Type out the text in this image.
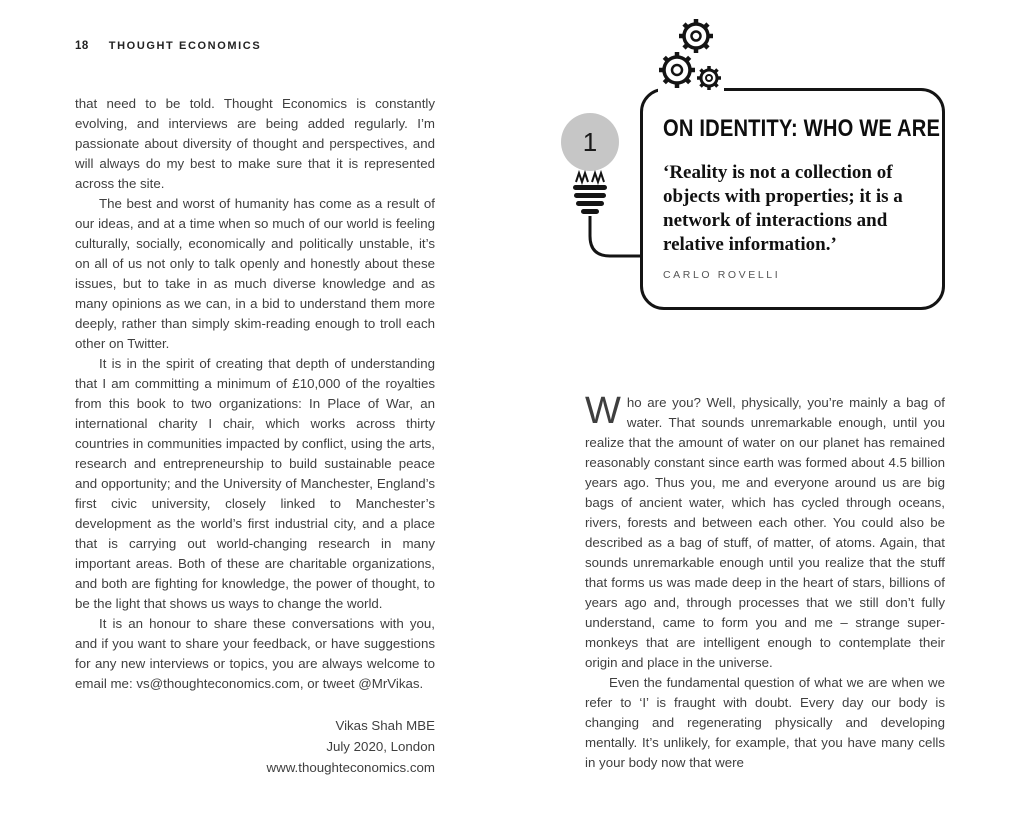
18 THOUGHT ECONOMICS

that need to be told. Thought Economics is constantly evolving, and interviews are being added regularly. I’m passionate about diversity of thought and perspectives, and will always do my best to make sure that it is represented across the site.

The best and worst of humanity has come as a result of our ideas, and at a time when so much of our world is feeling culturally, socially, economically and politically unstable, it’s on all of us not only to talk openly and honestly about these issues, but to take in as much diverse knowledge and as many opinions as we can, in a bid to understand them more deeply, rather than simply skim-reading enough to troll each other on Twitter.

It is in the spirit of creating that depth of understanding that I am committing a minimum of £10,000 of the royalties from this book to two organizations: In Place of War, an international charity I chair, which works across thirty countries in communities impacted by conflict, using the arts, research and entrepreneurship to build sustainable peace and opportunity; and the University of Manchester, England’s first civic university, closely linked to Manchester’s development as the world’s first industrial city, and a place that is carrying out world-changing research in many important areas. Both of these are charitable organizations, and both are fighting for knowledge, the power of thought, to be the light that shows us ways to change the world.

It is an honour to share these conversations with you, and if you want to share your feedback, or have suggestions for any new interviews or topics, you are always welcome to email me: vs@thoughteconomics.com, or tweet @MrVikas.

Vikas Shah MBE
July 2020, London
www.thoughteconomics.com
ON IDENTITY: WHO WE ARE
‘Reality is not a collection of objects with properties; it is a network of interactions and relative information.’
CARLO ROVELLI
1

Who are you? Well, physically, you’re mainly a bag of water. That sounds unremarkable enough, until you realize that the amount of water on our planet has remained reasonably constant since earth was formed about 4.5 billion years ago. Thus you, me and everyone around us are big bags of ancient water, which has cycled through oceans, rivers, forests and between each other. You could also be described as a bag of stuff, of matter, of atoms. Again, that sounds unremarkable enough until you realize that the stuff that forms us was made deep in the heart of stars, billions of years ago and, through processes that we still don’t fully understand, came to form you and me – strange super-monkeys that are intelligent enough to contemplate their origin and place in the universe.

Even the fundamental question of what we are when we refer to ‘I’ is fraught with doubt. Every day our body is changing and regenerating physically and developing mentally. It’s unlikely, for example, that you have many cells in your body now that were
